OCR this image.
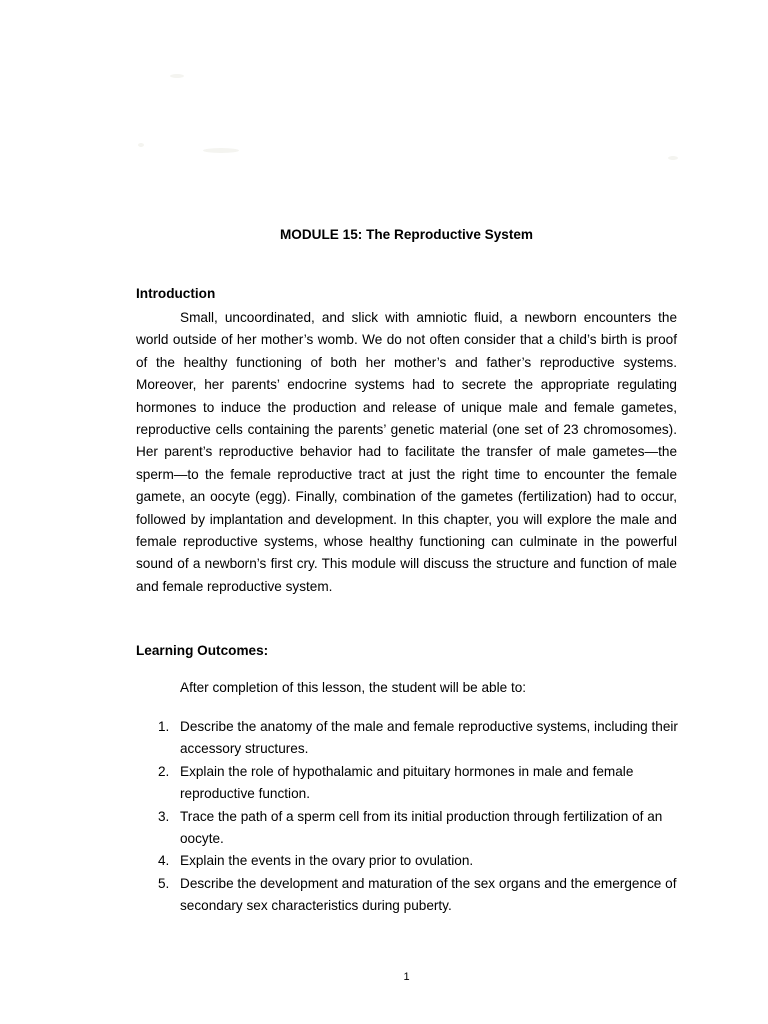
MODULE 15: The Reproductive System
Introduction

Small, uncoordinated, and slick with amniotic fluid, a newborn encounters the world outside of her mother’s womb. We do not often consider that a child’s birth is proof of the healthy functioning of both her mother’s and father’s reproductive systems. Moreover, her parents’ endocrine systems had to secrete the appropriate regulating hormones to induce the production and release of unique male and female gametes, reproductive cells containing the parents’ genetic material (one set of 23 chromosomes). Her parent’s reproductive behavior had to facilitate the transfer of male gametes—the sperm—to the female reproductive tract at just the right time to encounter the female gamete, an oocyte (egg). Finally, combination of the gametes (fertilization) had to occur, followed by implantation and development. In this chapter, you will explore the male and female reproductive systems, whose healthy functioning can culminate in the powerful sound of a newborn’s first cry. This module will discuss the structure and function of male and female reproductive system.

Learning Outcomes:

After completion of this lesson, the student will be able to:

1. Describe the anatomy of the male and female reproductive systems, including their accessory structures.
2. Explain the role of hypothalamic and pituitary hormones in male and female reproductive function.
3. Trace the path of a sperm cell from its initial production through fertilization of an oocyte.
4. Explain the events in the ovary prior to ovulation.
5. Describe the development and maturation of the sex organs and the emergence of secondary sex characteristics during puberty.
1
